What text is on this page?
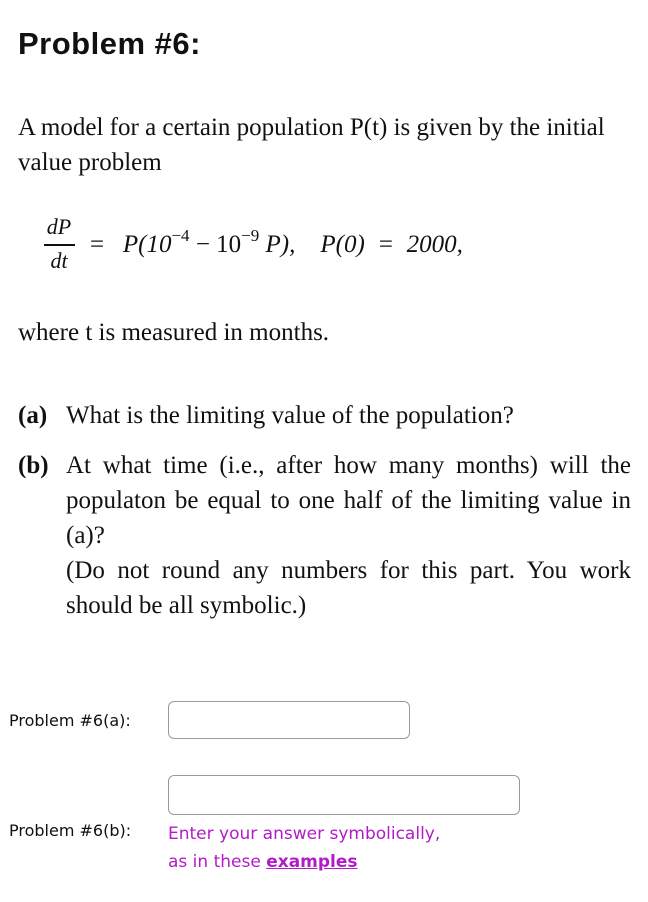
Problem #6:
A model for a certain population P(t) is given by the initial value problem
dP
dt
= $P(10^{-4} - 10^{-9}$ P),    P(0)  =  2000,
where t is measured in months.
(a) What is the limiting value of the population?
(b) At what time (i.e., after how many months) will the populaton be equal to one half of the limiting value in (a)?
(Do not round any numbers for this part. You work should be all symbolic.)
Problem #6(a):
Problem #6(b): Enter your answer symbolically,
as in these examples
